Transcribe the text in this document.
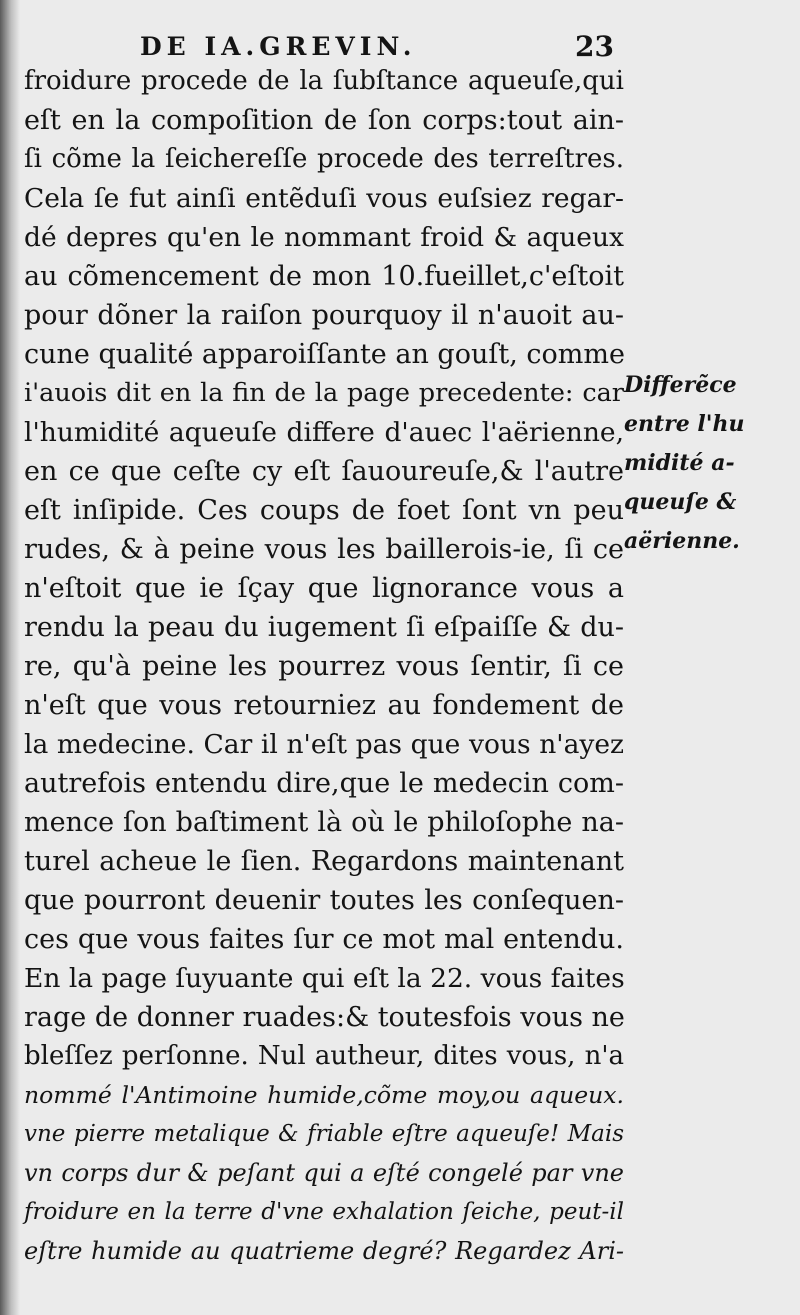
DE IA.GREVIN.	23
froidure procede de la ſubſtance aqueuſe,qui
eſt en la compoſition de ſon corps:tout ain-
ſi cõme la ſeichereſſe procede des terreſtres.
Cela ſe fut ainſi entẽduſi vous euſsiez regar-
dé depres qu'en le nommant froid & aqueux
au cõmencement de mon 10.fueillet,c'eſtoit
pour dõner la raiſon pourquoy il n'auoit au-
cune qualité apparoiſſante an gouſt, comme
i'auois dit en la fin de la page precedente: car
l'humidité aqueuſe differe d'auec l'aërienne,
en ce que ceſte cy eſt ſauoureuſe,& l'autre
eſt inſipide. Ces coups de foet ſont vn peu
rudes, & à peine vous les baillerois-ie, ſi ce
n'eſtoit que ie ſçay que lignorance vous a
rendu la peau du iugement ſi eſpaiſſe & du-
re, qu'à peine les pourrez vous ſentir, ſi ce
n'eſt que vous retourniez au fondement de
la medecine. Car il n'eſt pas que vous n'ayez
autrefois entendu dire,que le medecin com-
mence ſon baſtiment là où le philoſophe na-
turel acheue le ſien. Regardons maintenant
que pourront deuenir toutes les conſequen-
ces que vous faites ſur ce mot mal entendu.
En la page ſuyuante qui eſt la 22. vous faites
rage de donner ruades:& toutesfois vous ne
bleſſez perſonne. Nul autheur, dites vous, n'a
nommé l'Antimoine humide,cõme moy,ou aqueux.
vne pierre metalique & friable eſtre aqueuſe! Mais
vn corps dur & peſant qui a eſté congelé par vne
froidure en la terre d'vne exhalation ſeiche, peut-il
eſtre humide au quatrieme degré? Regardez Ari-
Differẽce
entre l'hu
midité a-
queuſe &
aërienne.
